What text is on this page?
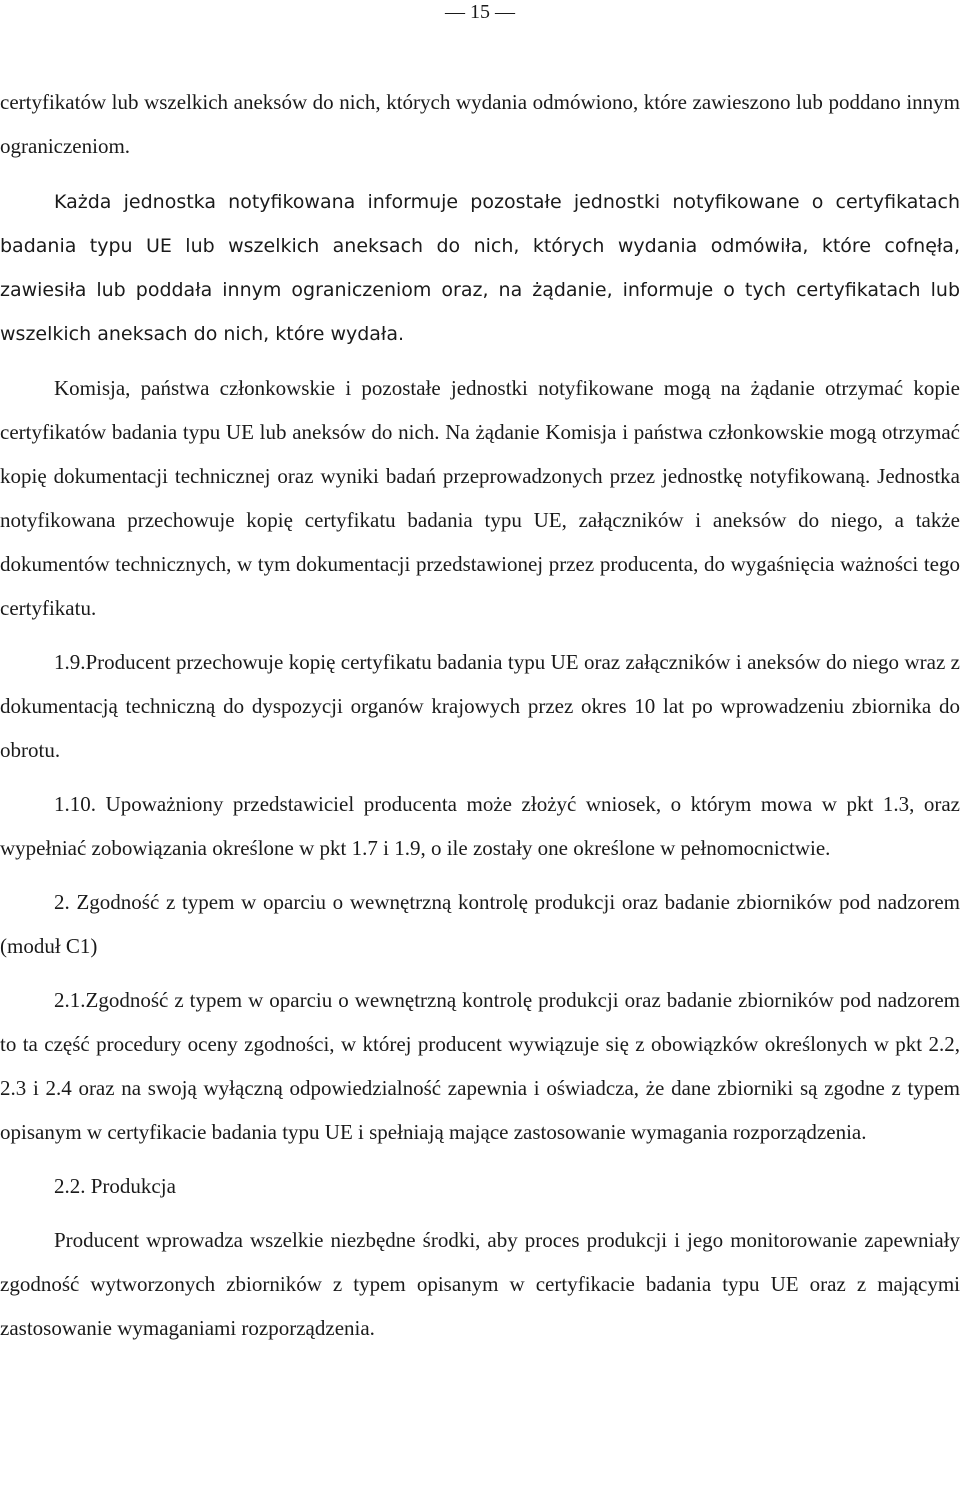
— 15 —

certyfikatów lub wszelkich aneksów do nich, których wydania odmówiono, które zawieszono lub poddano innym ograniczeniom.

Każda jednostka notyfikowana informuje pozostałe jednostki notyfikowane o certyfikatach badania typu UE lub wszelkich aneksach do nich, których wydania odmówiła, które cofnęła, zawiesiła lub poddała innym ograniczeniom oraz, na żądanie, informuje o tych certyfikatach lub wszelkich aneksach do nich, które wydała.

Komisja, państwa członkowskie i pozostałe jednostki notyfikowane mogą na żądanie otrzymać kopie certyfikatów badania typu UE lub aneksów do nich. Na żądanie Komisja i państwa członkowskie mogą otrzymać kopię dokumentacji technicznej oraz wyniki badań przeprowadzonych przez jednostkę notyfikowaną. Jednostka notyfikowana przechowuje kopię certyfikatu badania typu UE, załączników i aneksów do niego, a także dokumentów technicznych, w tym dokumentacji przedstawionej przez producenta, do wygaśnięcia ważności tego certyfikatu.

1.9.Producent przechowuje kopię certyfikatu badania typu UE oraz załączników i aneksów do niego wraz z dokumentacją techniczną do dyspozycji organów krajowych przez okres 10 lat po wprowadzeniu zbiornika do obrotu.

1.10. Upoważniony przedstawiciel producenta może złożyć wniosek, o którym mowa w pkt 1.3, oraz wypełniać zobowiązania określone w pkt 1.7 i 1.9, o ile zostały one określone w pełnomocnictwie.

2. Zgodność z typem w oparciu o wewnętrzną kontrolę produkcji oraz badanie zbiorników pod nadzorem (moduł C1)

2.1.Zgodność z typem w oparciu o wewnętrzną kontrolę produkcji oraz badanie zbiorników pod nadzorem to ta część procedury oceny zgodności, w której producent wywiązuje się z obowiązków określonych w pkt 2.2, 2.3 i 2.4 oraz na swoją wyłączną odpowiedzialność zapewnia i oświadcza, że dane zbiorniki są zgodne z typem opisanym w certyfikacie badania typu UE i spełniają mające zastosowanie wymagania rozporządzenia.

2.2. Produkcja

Producent wprowadza wszelkie niezbędne środki, aby proces produkcji i jego monitorowanie zapewniały zgodność wytworzonych zbiorników z typem opisanym w certyfikacie badania typu UE oraz z mającymi zastosowanie wymaganiami rozporządzenia.
